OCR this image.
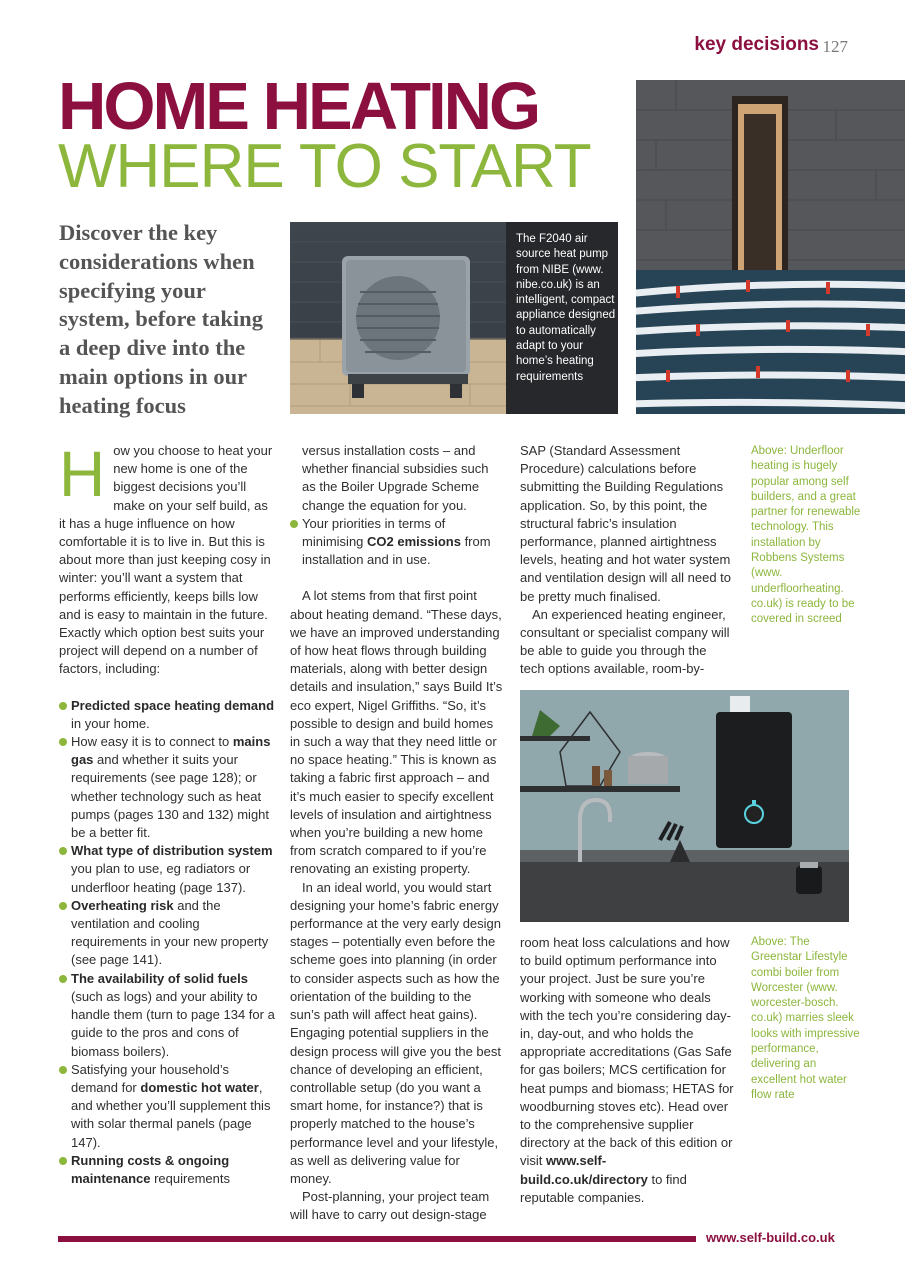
key decisions 127
HOME HEATING
WHERE TO START
Discover the key considerations when specifying your system, before taking a deep dive into the main options in our heating focus
The F2040 air source heat pump from NIBE (www. nibe.co.uk) is an intelligent, compact appliance designed to automatically adapt to your home’s heating requirements
Above: Underfloor heating is hugely popular among self builders, and a great partner for renewable technology. This installation by Robbens Systems (www. underfloorheating. co.uk) is ready to be covered in screed
Above: The Greenstar Lifestyle combi boiler from Worcester (www. worcester-bosch. co.uk) marries sleek looks with impressive performance, delivering an excellent hot water flow rate

How you choose to heat your new home is one of the biggest decisions you’ll make on your self build, as it has a huge influence on how comfortable it is to live in. But this is about more than just keeping cosy in winter: you’ll want a system that performs efficiently, keeps bills low and is easy to maintain in the future. Exactly which option best suits your project will depend on a number of factors, including:

Predicted space heating demand in your home.

How easy it is to connect to mains gas and whether it suits your requirements (see page 128); or whether technology such as heat pumps (pages 130 and 132) might be a better fit.

What type of distribution system you plan to use, eg radiators or underfloor heating (page 137).

Overheating risk and the ventilation and cooling requirements in your new property (see page 141).

The availability of solid fuels (such as logs) and your ability to handle them (turn to page 134 for a guide to the pros and cons of biomass boilers).

Satisfying your household’s demand for domestic hot water, and whether you’ll supplement this with solar thermal panels (page 147).

Running costs & ongoing maintenance requirements

versus installation costs – and whether financial subsidies such as the Boiler Upgrade Scheme change the equation for you.

Your priorities in terms of minimising CO2 emissions from installation and in use.

A lot stems from that first point about heating demand. “These days, we have an improved understanding of how heat flows through building materials, along with better design details and insulation,” says Build It’s eco expert, Nigel Griffiths. “So, it’s possible to design and build homes in such a way that they need little or no space heating.” This is known as taking a fabric first approach – and it’s much easier to specify excellent levels of insulation and airtightness when you’re building a new home from scratch compared to if you’re renovating an existing property.

In an ideal world, you would start designing your home’s fabric energy performance at the very early design stages – potentially even before the scheme goes into planning (in order to consider aspects such as how the orientation of the building to the sun’s path will affect heat gains). Engaging potential suppliers in the design process will give you the best chance of developing an efficient, controllable setup (do you want a smart home, for instance?) that is properly matched to the house’s performance level and your lifestyle, as well as delivering value for money.

Post-planning, your project team will have to carry out design-stage

SAP (Standard Assessment Procedure) calculations before submitting the Building Regulations application. So, by this point, the structural fabric’s insulation performance, planned airtightness levels, heating and hot water system and ventilation design will all need to be pretty much finalised.

An experienced heating engineer, consultant or specialist company will be able to guide you through the tech options available, room-by-

room heat loss calculations and how to build optimum performance into your project. Just be sure you’re working with someone who deals with the tech you’re considering day-in, day-out, and who holds the appropriate accreditations (Gas Safe for gas boilers; MCS certification for heat pumps and biomass; HETAS for woodburning stoves etc). Head over to the comprehensive supplier directory at the back of this edition or visit www.self-build.co.uk/directory to find reputable companies.

www.self-build.co.uk
